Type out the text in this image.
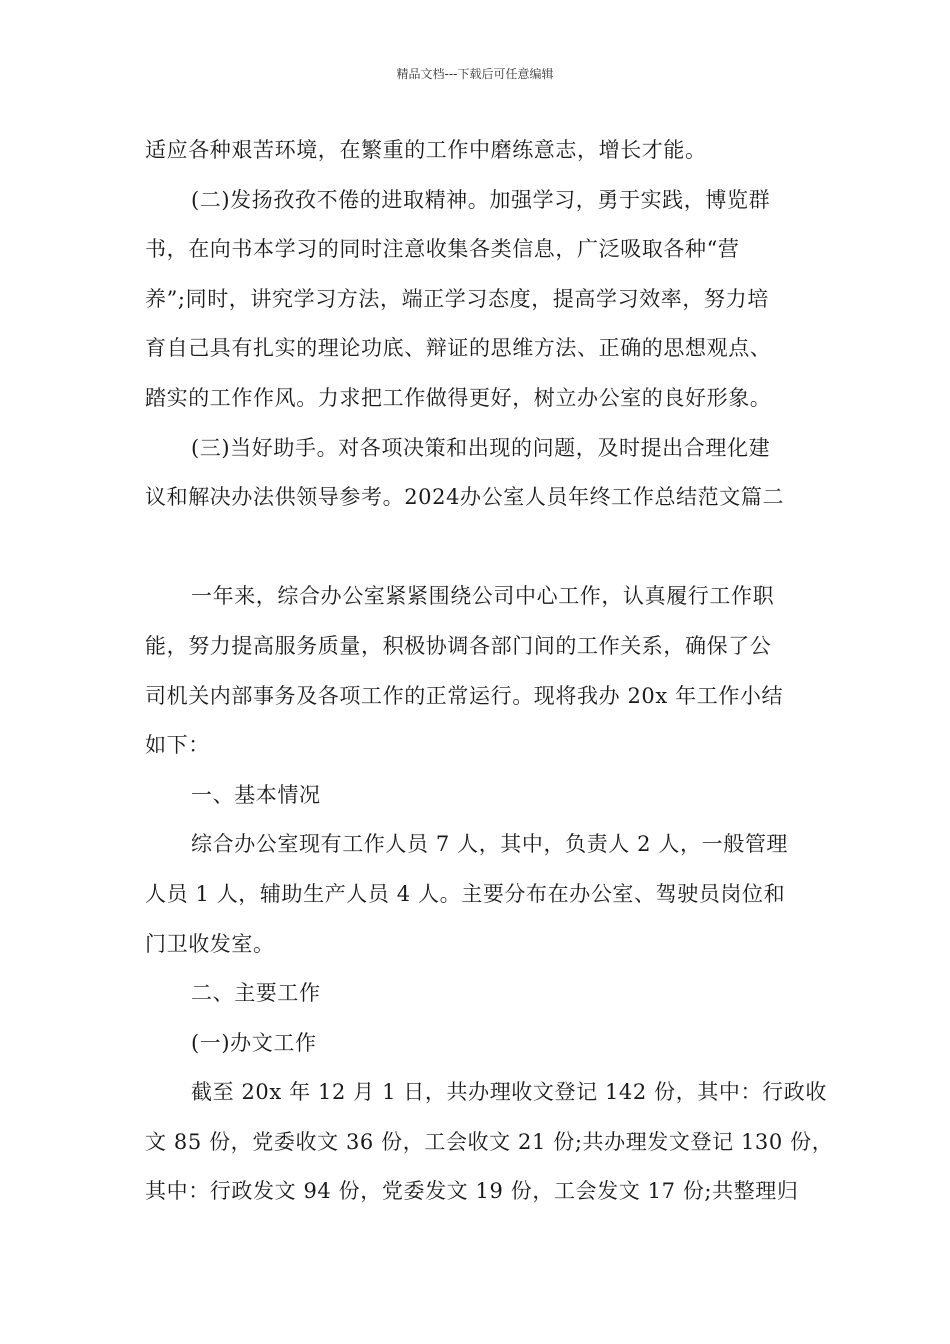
精品文档---下载后可任意编辑
适应各种艰苦环境，在繁重的工作中磨练意志，增长才能。
(二)发扬孜孜不倦的进取精神。加强学习，勇于实践，博览群
书，在向书本学习的同时注意收集各类信息，广泛吸取各种“营
养”;同时，讲究学习方法，端正学习态度，提高学习效率，努力培
育自己具有扎实的理论功底、辩证的思维方法、正确的思想观点、
踏实的工作作风。力求把工作做得更好，树立办公室的良好形象。
(三)当好助手。对各项决策和出现的问题，及时提出合理化建
议和解决办法供领导参考。2024办公室人员年终工作总结范文篇二
一年来，综合办公室紧紧围绕公司中心工作，认真履行工作职
能，努力提高服务质量，积极协调各部门间的工作关系，确保了公
司机关内部事务及各项工作的正常运行。现将我办 20x 年工作小结
如下：
一、基本情况
综合办公室现有工作人员 7 人，其中，负责人 2 人，一般管理
人员 1 人，辅助生产人员 4 人。主要分布在办公室、驾驶员岗位和
门卫收发室。
二、主要工作
(一)办文工作
截至 20x 年 12 月 1 日，共办理收文登记 142 份，其中：行政收
文 85 份，党委收文 36 份，工会收文 21 份;共办理发文登记 130 份，
其中：行政发文 94 份，党委发文 19 份，工会发文 17 份;共整理归
